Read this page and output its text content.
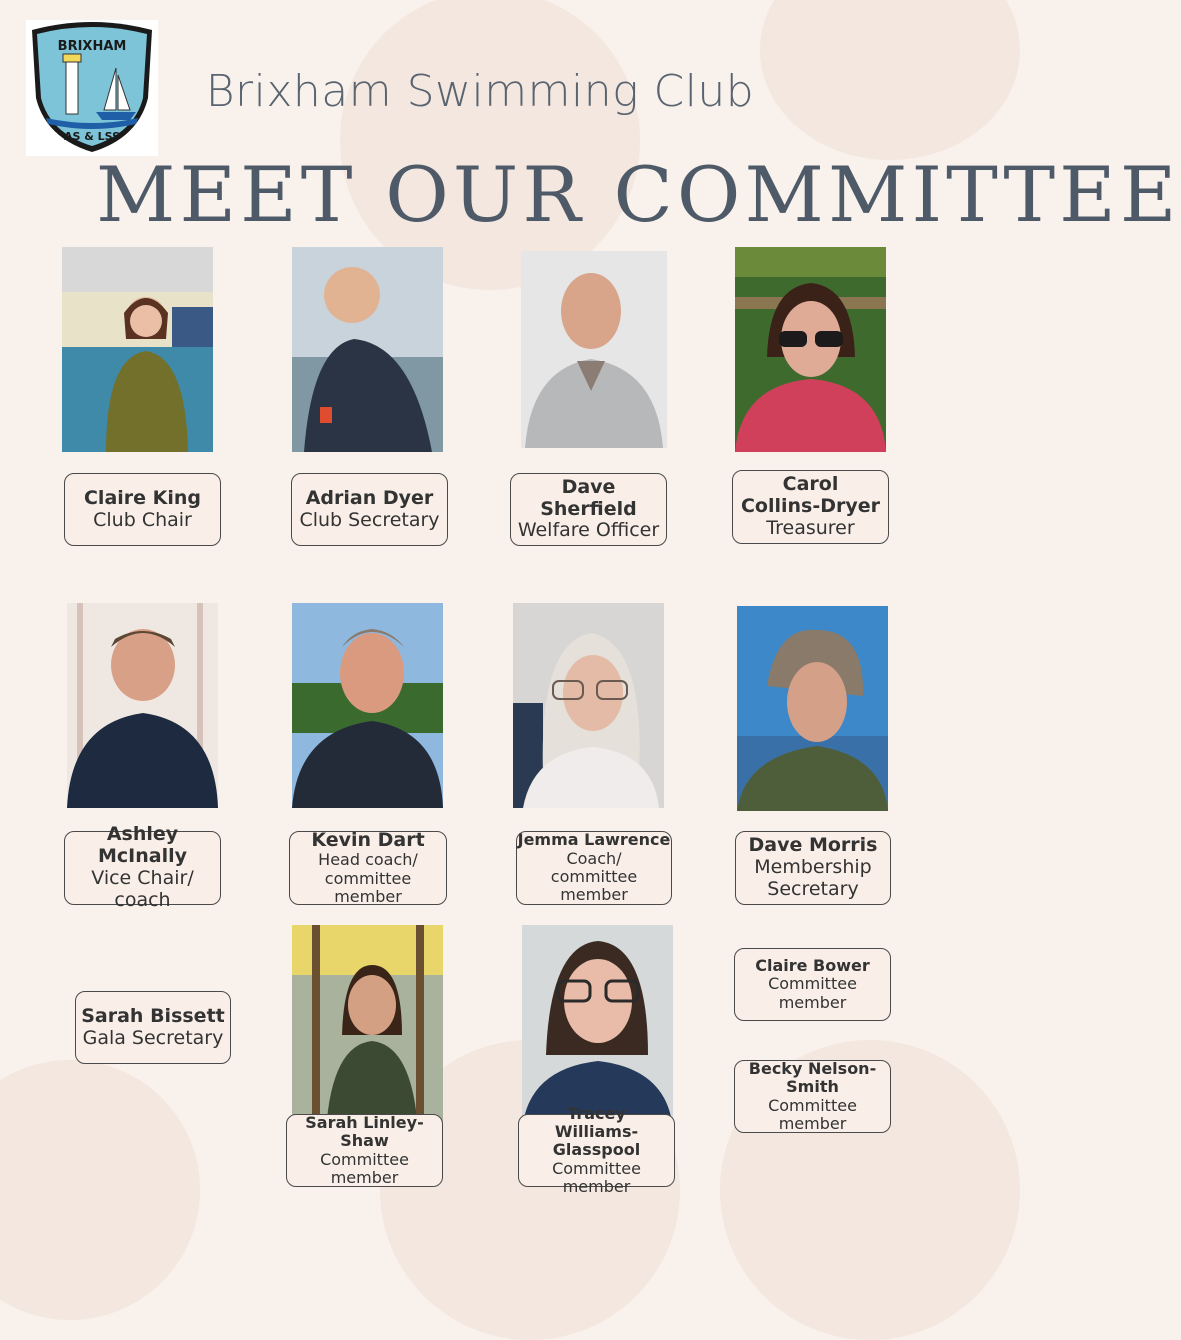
BRIXHAM
AS & LSS
Brixham Swimming Club
MEET OUR COMMITTEE
Claire King
Club Chair
Adrian Dyer
Club Secretary
Dave Sherfield
Welfare Officer
Carol
Collins-Dryer
Treasurer
Ashley McInally
Vice Chair/
coach
Kevin Dart
Head coach/
committee member
Jemma Lawrence
Coach/
committee member
Dave Morris
Membership
Secretary
Sarah Bissett
Gala Secretary
Sarah Linley-Shaw
Committee
member
Tracey
Williams-Glasspool
Committee
member
Claire Bower
Committee
member
Becky Nelson-
Smith
Committee member
